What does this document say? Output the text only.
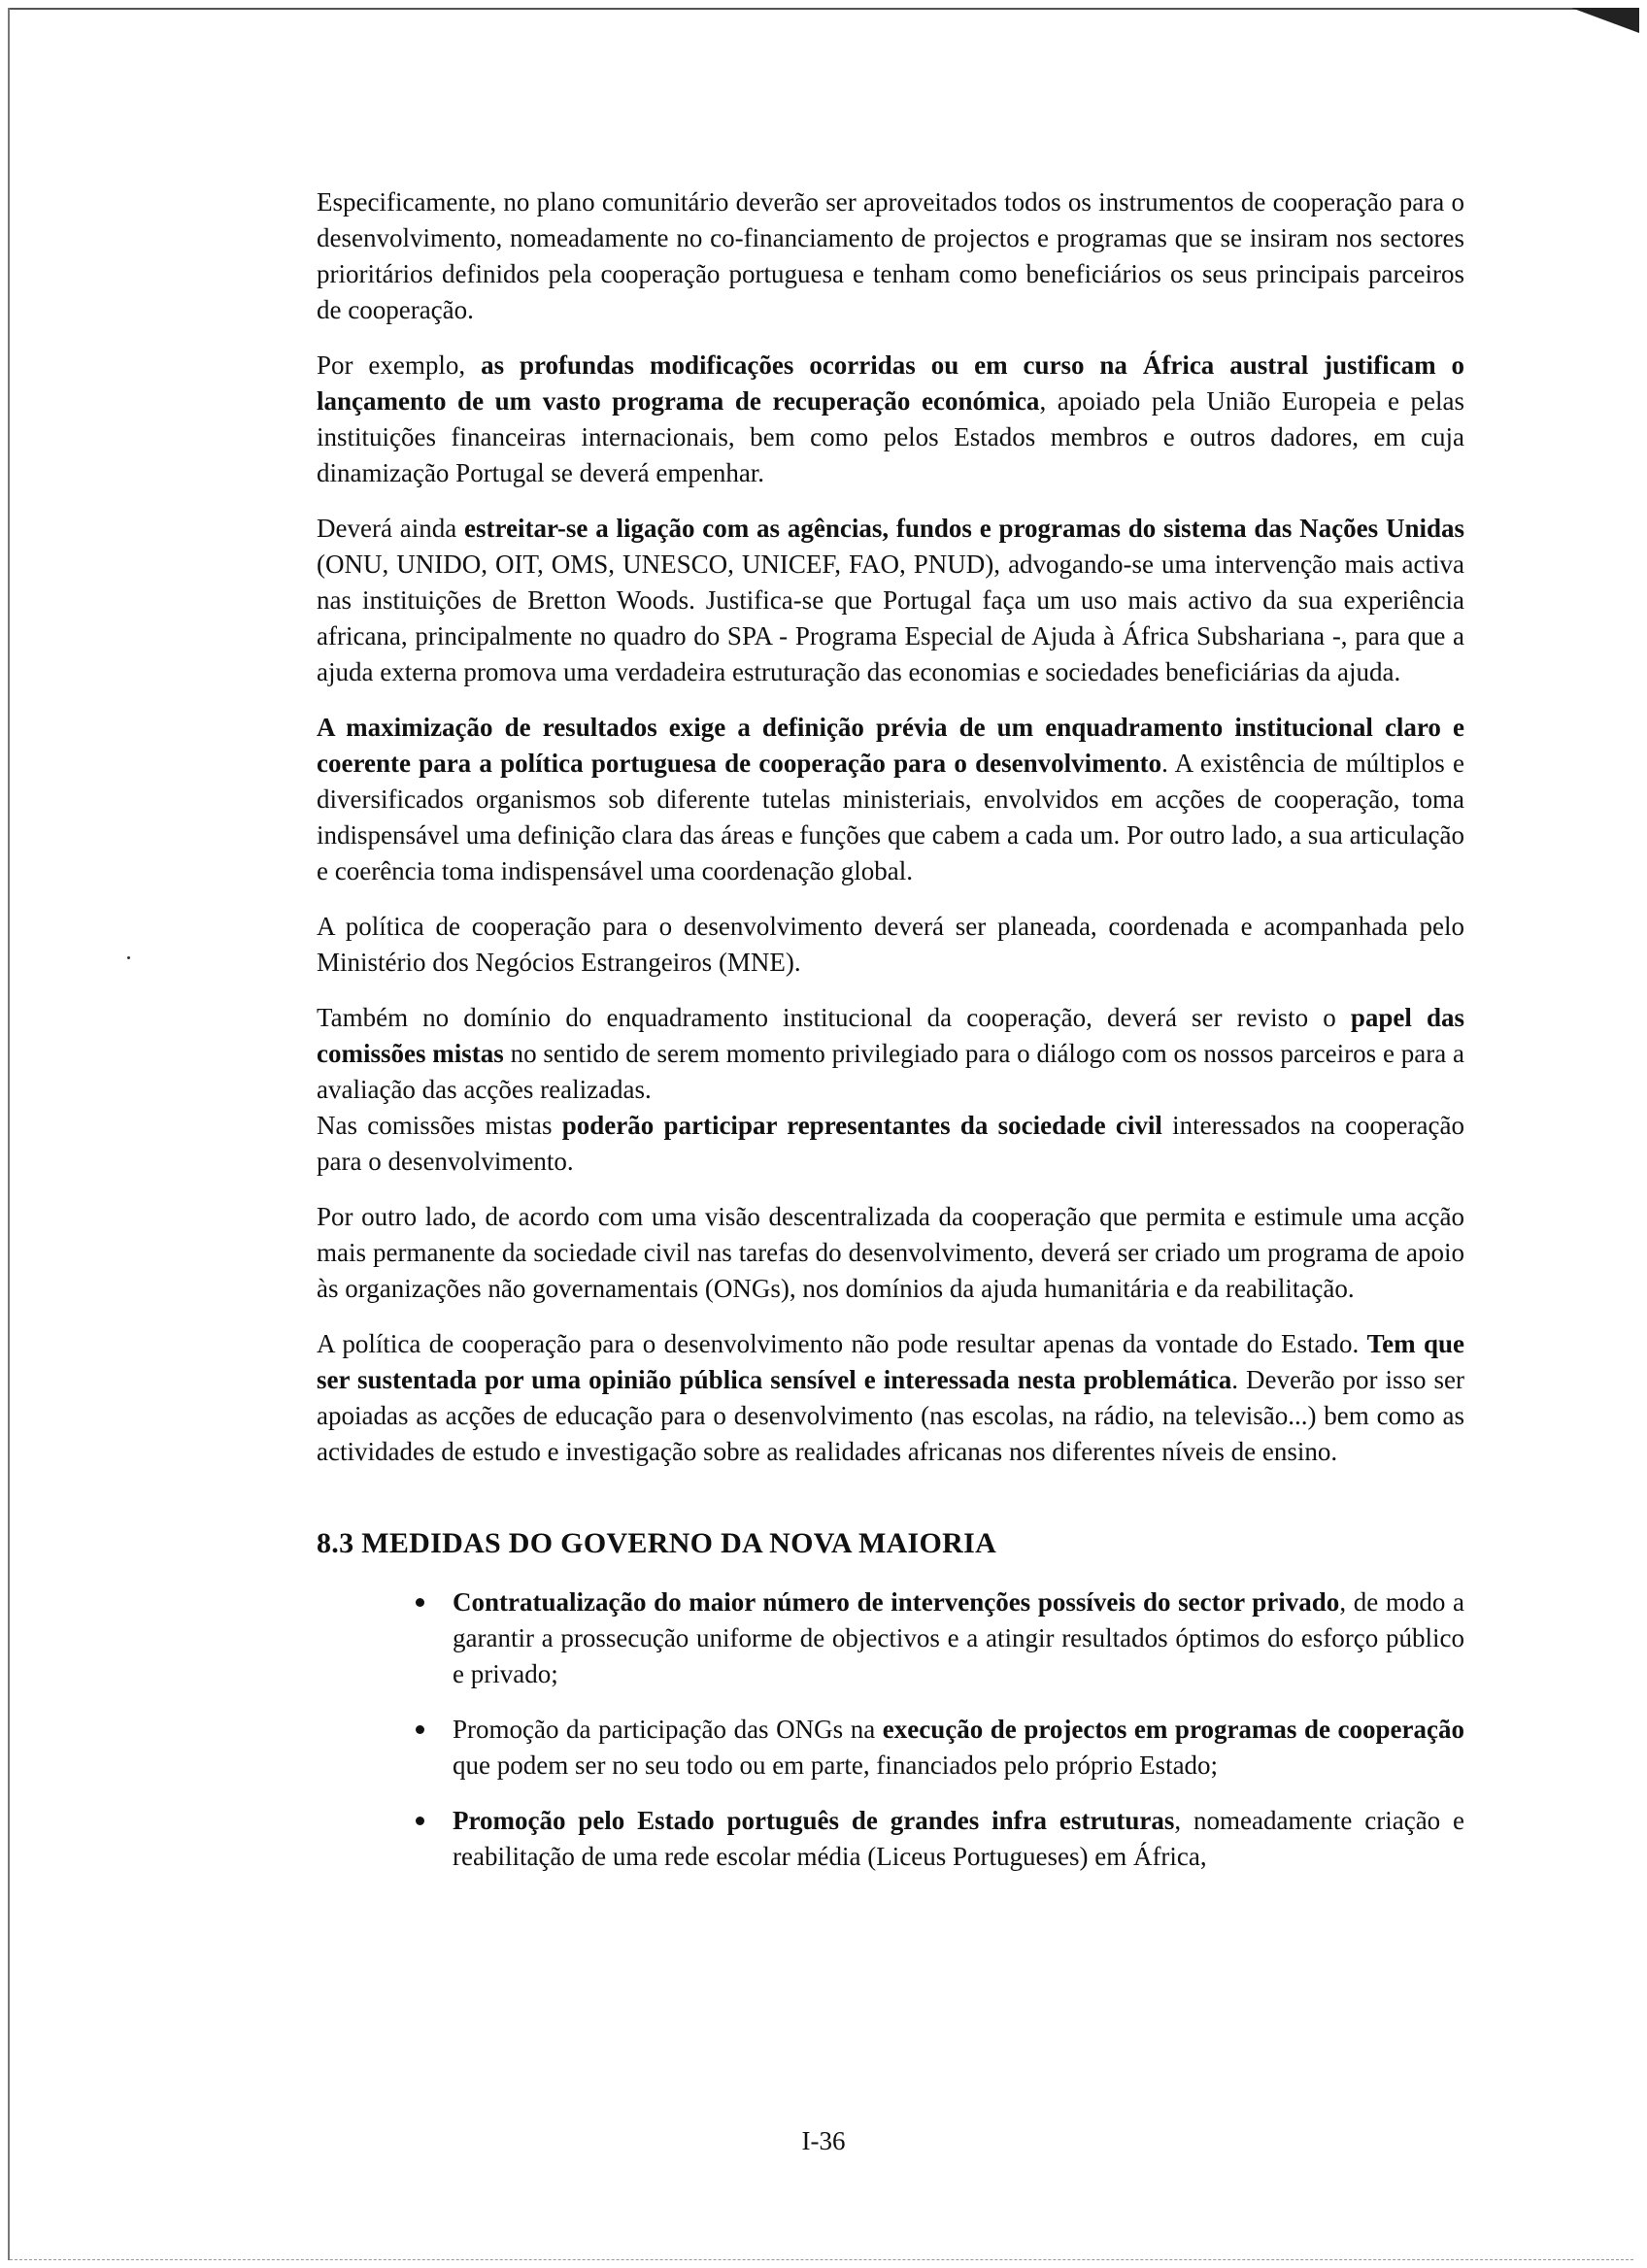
Especificamente, no plano comunitário deverão ser aproveitados todos os instrumentos de cooperação para o desenvolvimento, nomeadamente no co-financiamento de projectos e programas que se insiram nos sectores prioritários definidos pela cooperação portuguesa e tenham como beneficiários os seus principais parceiros de cooperação.

Por exemplo, as profundas modificações ocorridas ou em curso na África austral justificam o lançamento de um vasto programa de recuperação económica, apoiado pela União Europeia e pelas instituições financeiras internacionais, bem como pelos Estados membros e outros dadores, em cuja dinamização Portugal se deverá empenhar.

Deverá ainda estreitar-se a ligação com as agências, fundos e programas do sistema das Nações Unidas (ONU, UNIDO, OIT, OMS, UNESCO, UNICEF, FAO, PNUD), advogando-se uma intervenção mais activa nas instituições de Bretton Woods. Justifica-se que Portugal faça um uso mais activo da sua experiência africana, principalmente no quadro do SPA - Programa Especial de Ajuda à África Subshariana -, para que a ajuda externa promova uma verdadeira estruturação das economias e sociedades beneficiárias da ajuda.

A maximização de resultados exige a definição prévia de um enquadramento institucional claro e coerente para a política portuguesa de cooperação para o desenvolvimento. A existência de múltiplos e diversificados organismos sob diferente tutelas ministeriais, envolvidos em acções de cooperação, toma indispensável uma definição clara das áreas e funções que cabem a cada um. Por outro lado, a sua articulação e coerência toma indispensável uma coordenação global.

A política de cooperação para o desenvolvimento deverá ser planeada, coordenada e acompanhada pelo Ministério dos Negócios Estrangeiros (MNE).

Também no domínio do enquadramento institucional da cooperação, deverá ser revisto o papel das comissões mistas no sentido de serem momento privilegiado para o diálogo com os nossos parceiros e para a avaliação das acções realizadas.

Nas comissões mistas poderão participar representantes da sociedade civil interessados na cooperação para o desenvolvimento.

Por outro lado, de acordo com uma visão descentralizada da cooperação que permita e estimule uma acção mais permanente da sociedade civil nas tarefas do desenvolvimento, deverá ser criado um programa de apoio às organizações não governamentais (ONGs), nos domínios da ajuda humanitária e da reabilitação.

A política de cooperação para o desenvolvimento não pode resultar apenas da vontade do Estado. Tem que ser sustentada por uma opinião pública sensível e interessada nesta problemática. Deverão por isso ser apoiadas as acções de educação para o desenvolvimento (nas escolas, na rádio, na televisão...) bem como as actividades de estudo e investigação sobre as realidades africanas nos diferentes níveis de ensino.

8.3 MEDIDAS DO GOVERNO DA NOVA MAIORIA
Contratualização do maior número de intervenções possíveis do sector privado, de modo a garantir a prossecução uniforme de objectivos e a atingir resultados óptimos do esforço público e privado;
Promoção da participação das ONGs na execução de projectos em programas de cooperação que podem ser no seu todo ou em parte, financiados pelo próprio Estado;
Promoção pelo Estado português de grandes infra estruturas, nomeadamente criação e reabilitação de uma rede escolar média (Liceus Portugueses) em África,
I-36
